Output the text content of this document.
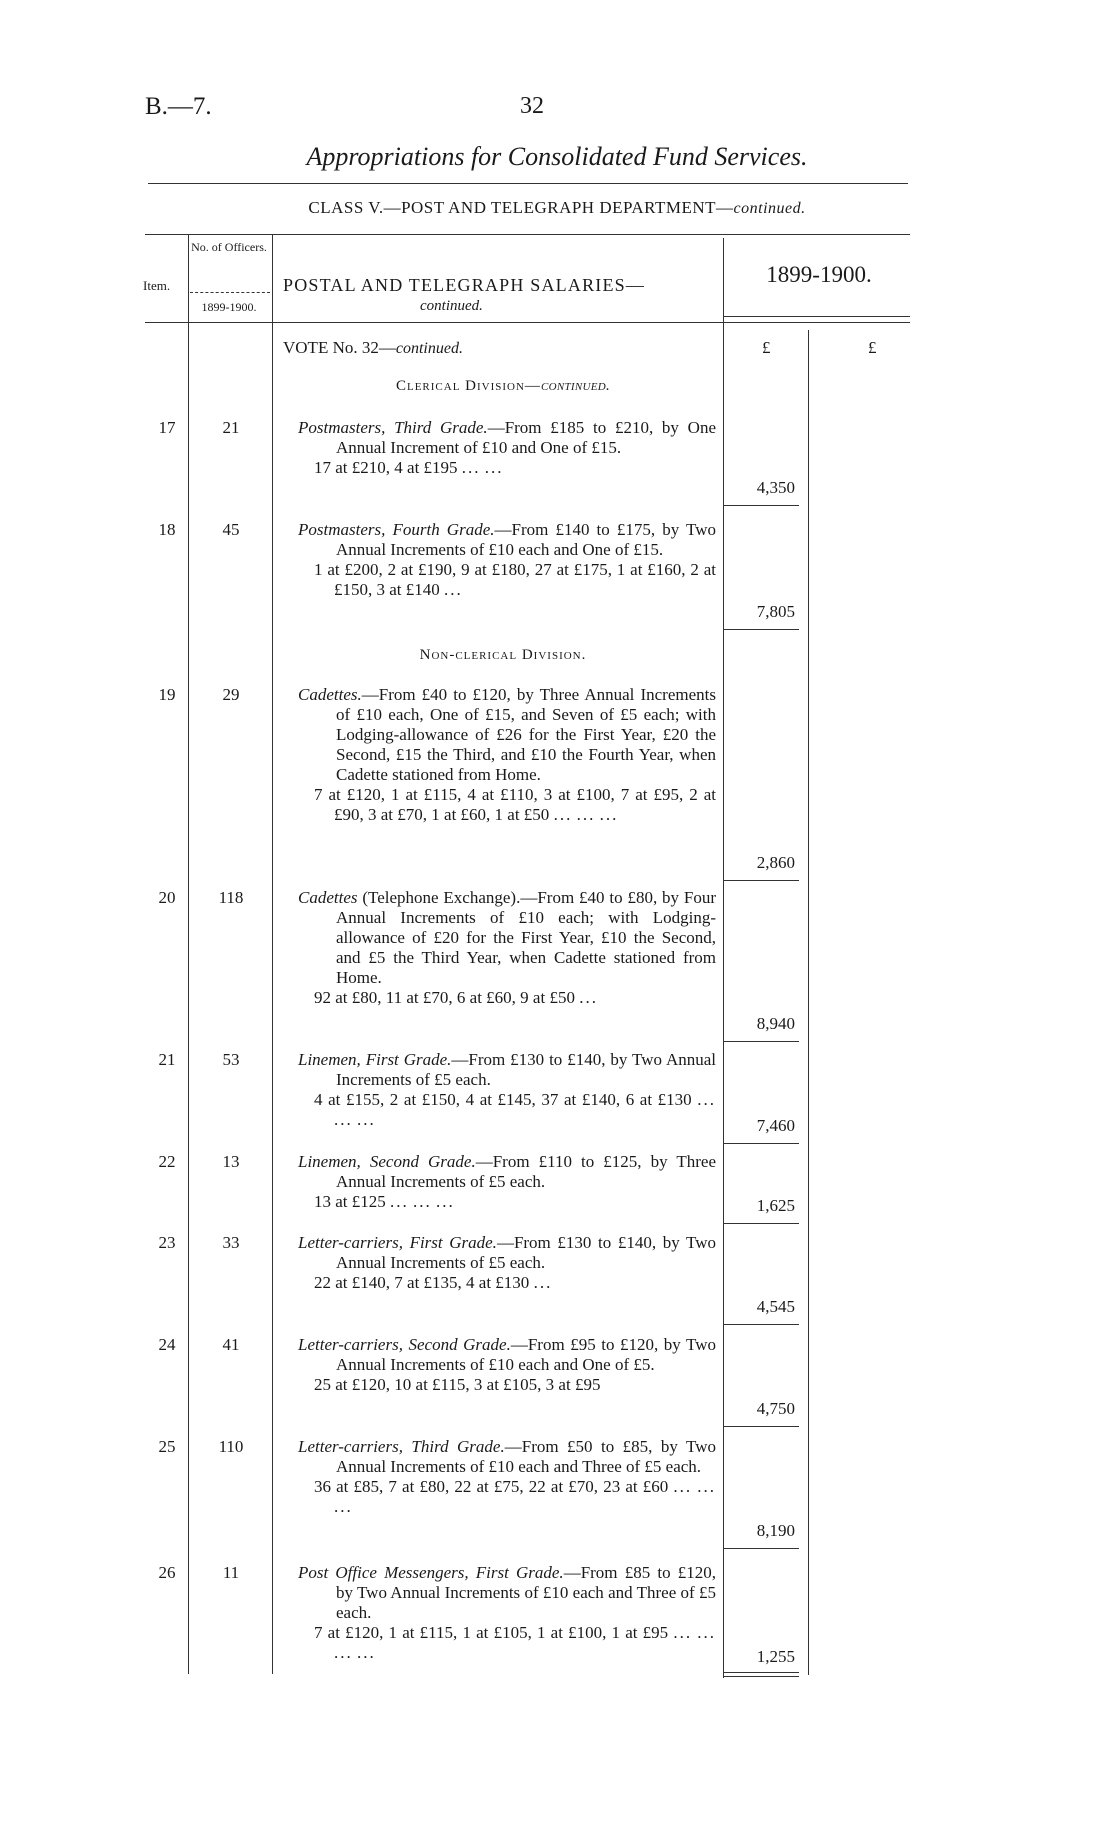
B.—7.	32
Appropriations for Consolidated Fund Services.
CLASS V.—POST AND TELEGRAPH DEPARTMENT—continued.
Item.
No. of Officers.
1899-1900.
POSTAL AND TELEGRAPH SALARIES—
continued.
1899-1900.
VOTE No. 32—continued.	£	£
Clerical Division—continued.
17	21	Postmasters, Third Grade.—From £185 to £210, by One Annual Increment of £10 and One of £15.
17 at £210, 4 at £195 ... ...
4,350
18	45	Postmasters, Fourth Grade.—From £140 to £175, by Two Annual Increments of £10 each and One of £15.
1 at £200, 2 at £190, 9 at £180, 27 at £175, 1 at £160, 2 at £150, 3 at £140 ...
7,805
Non-clerical Division.
19	29	Cadettes.—From £40 to £120, by Three Annual Increments of £10 each, One of £15, and Seven of £5 each; with Lodging-allowance of £26 for the First Year, £20 the Second, £15 the Third, and £10 the Fourth Year, when Cadette stationed from Home.
7 at £120, 1 at £115, 4 at £110, 3 at £100, 7 at £95, 2 at £90, 3 at £70, 1 at £60, 1 at £50 ... ... ...
2,860
20	118	Cadettes (Telephone Exchange).—From £40 to £80, by Four Annual Increments of £10 each; with Lodging-allowance of £20 for the First Year, £10 the Second, and £5 the Third Year, when Cadette stationed from Home.
92 at £80, 11 at £70, 6 at £60, 9 at £50 ...
8,940
21	53	Linemen, First Grade.—From £130 to £140, by Two Annual Increments of £5 each.
4 at £155, 2 at £150, 4 at £145, 37 at £140, 6 at £130 ... ... ...	7,460
22	13	Linemen, Second Grade.—From £110 to £125, by Three Annual Increments of £5 each.
13 at £125 ... ... ...	1,625
23	33	Letter-carriers, First Grade.—From £130 to £140, by Two Annual Increments of £5 each.
22 at £140, 7 at £135, 4 at £130 ...
4,545
24	41	Letter-carriers, Second Grade.—From £95 to £120, by Two Annual Increments of £10 each and One of £5.
25 at £120, 10 at £115, 3 at £105, 3 at £95
4,750
25	110	Letter-carriers, Third Grade.—From £50 to £85, by Two Annual Increments of £10 each and Three of £5 each.
36 at £85, 7 at £80, 22 at £75, 22 at £70, 23 at £60 ... ... ...
8,190
26	11	Post Office Messengers, First Grade.—From £85 to £120, by Two Annual Increments of £10 each and Three of £5 each.
7 at £120, 1 at £115, 1 at £105, 1 at £100, 1 at £95 ... ... ... ...	1,255
